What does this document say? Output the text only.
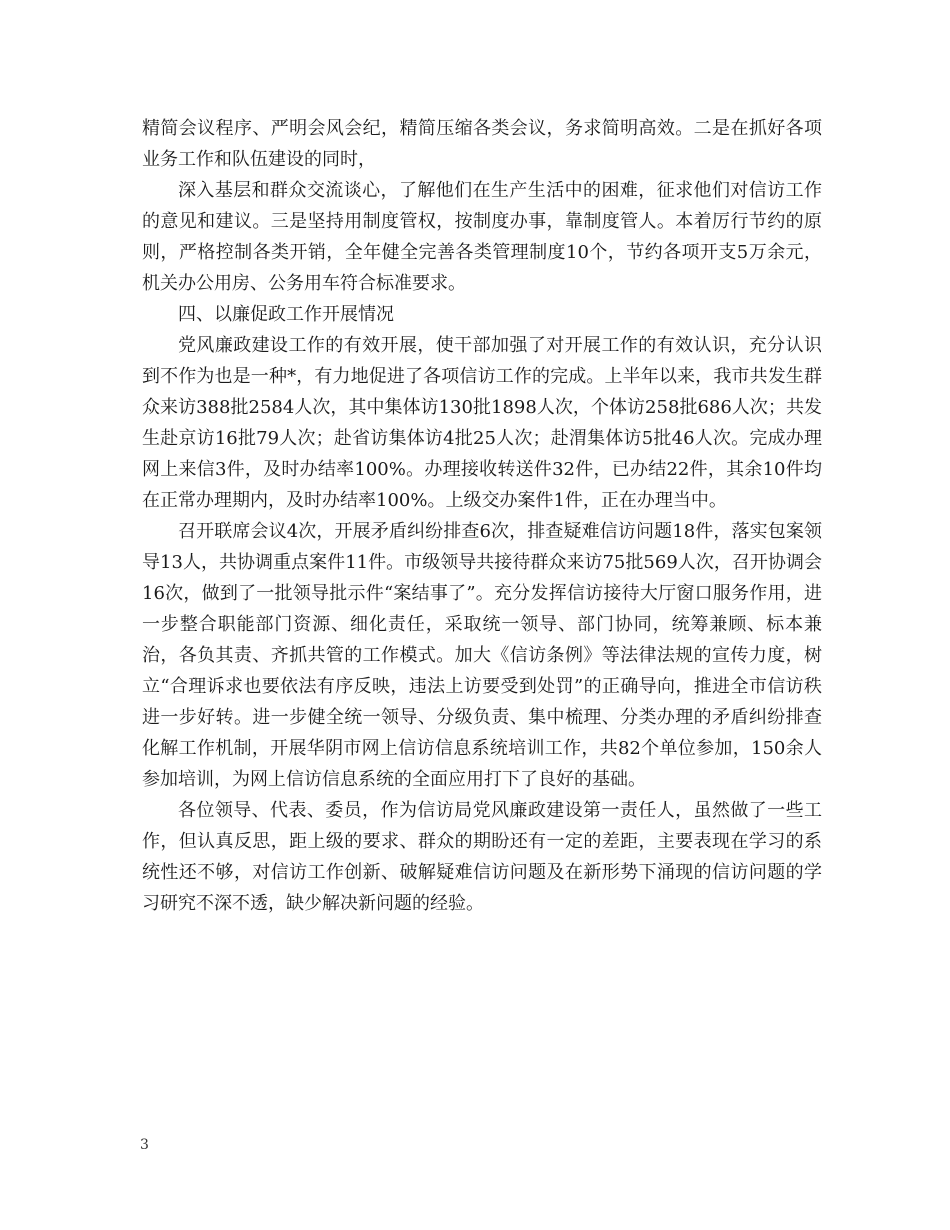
精简会议程序、严明会风会纪，精简压缩各类会议，务求简明高效。二是在抓好各项业务工作和队伍建设的同时，

深入基层和群众交流谈心，了解他们在生产生活中的困难，征求他们对信访工作的意见和建议。三是坚持用制度管权，按制度办事，靠制度管人。本着厉行节约的原则，严格控制各类开销，全年健全完善各类管理制度10个，节约各项开支5万余元，机关办公用房、公务用车符合标准要求。

四、以廉促政工作开展情况

党风廉政建设工作的有效开展，使干部加强了对开展工作的有效认识，充分认识到不作为也是一种*，有力地促进了各项信访工作的完成。上半年以来，我市共发生群众来访388批2584人次，其中集体访130批1898人次，个体访258批686人次；共发生赴京访16批79人次；赴省访集体访4批25人次；赴渭集体访5批46人次。完成办理网上来信3件，及时办结率100%。办理接收转送件32件，已办结22件，其余10件均在正常办理期内，及时办结率100%。上级交办案件1件，正在办理当中。

召开联席会议4次，开展矛盾纠纷排查6次，排查疑难信访问题18件，落实包案领导13人，共协调重点案件11件。市级领导共接待群众来访75批569人次，召开协调会16次，做到了一批领导批示件“案结事了”。充分发挥信访接待大厅窗口服务作用，进一步整合职能部门资源、细化责任，采取统一领导、部门协同，统筹兼顾、标本兼治，各负其责、齐抓共管的工作模式。加大《信访条例》等法律法规的宣传力度，树立“合理诉求也要依法有序反映，违法上访要受到处罚”的正确导向，推进全市信访秩进一步好转。进一步健全统一领导、分级负责、集中梳理、分类办理的矛盾纠纷排查化解工作机制，开展华阴市网上信访信息系统培训工作，共82个单位参加，150余人参加培训，为网上信访信息系统的全面应用打下了良好的基础。

各位领导、代表、委员，作为信访局党风廉政建设第一责任人，虽然做了一些工作，但认真反思，距上级的要求、群众的期盼还有一定的差距，主要表现在学习的系统性还不够，对信访工作创新、破解疑难信访问题及在新形势下涌现的信访问题的学习研究不深不透，缺少解决新问题的经验。

3
